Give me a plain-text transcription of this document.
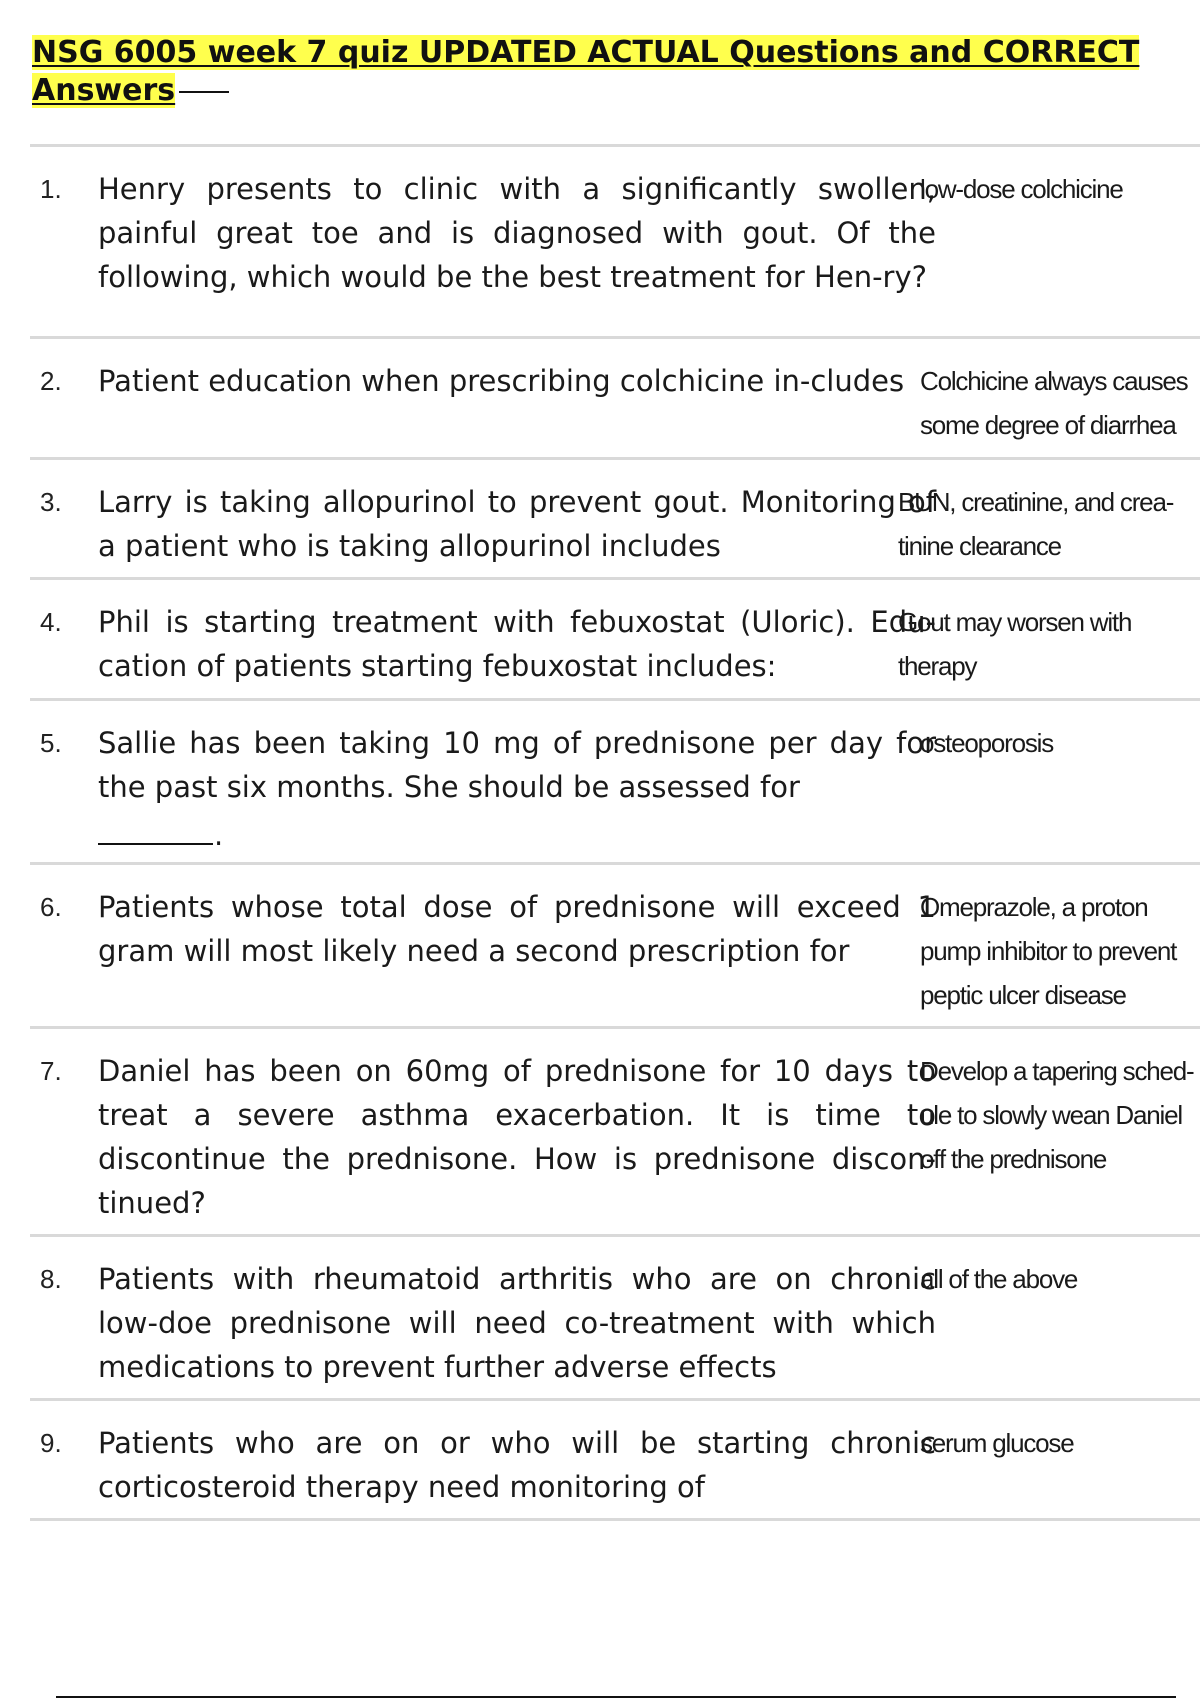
NSG 6005 week 7 quiz UPDATED ACTUAL Questions and CORRECT Answers
1. Henry presents to clinic with a significantly swollen, painful great toe and is diagnosed with gout. Of the following, which would be the best treatment for Hen-ry?
low-dose colchicine
2. Patient education when prescribing colchicine in-cludes Colchicine always causes some degree of diarrhea
3. Larry is taking allopurinol to prevent gout. Monitoring of a patient who is taking allopurinol includes
BUN, creatinine, and crea-tinine clearance
4. Phil is starting treatment with febuxostat (Uloric). Edu-cation of patients starting febuxostat includes:
Gout may worsen with therapy
5. Sallie has been taking 10 mg of prednisone per day for the past six months. She should be assessed for
.
osteoporosis
6. Patients whose total dose of prednisone will exceed 1 gram will most likely need a second prescription for
Omeprazole, a proton pump inhibitor to prevent peptic ulcer disease
7. Daniel has been on 60mg of prednisone for 10 days to treat a severe asthma exacerbation. It is time to discontinue the prednisone. How is prednisone discon-tinued?
Develop a tapering sched-ule to slowly wean Daniel off the prednisone
8. Patients with rheumatoid arthritis who are on chronic low-doe prednisone will need co-treatment with which medications to prevent further adverse effects
all of the above
9. Patients who are on or who will be starting chronic corticosteroid therapy need monitoring of
serum glucose
